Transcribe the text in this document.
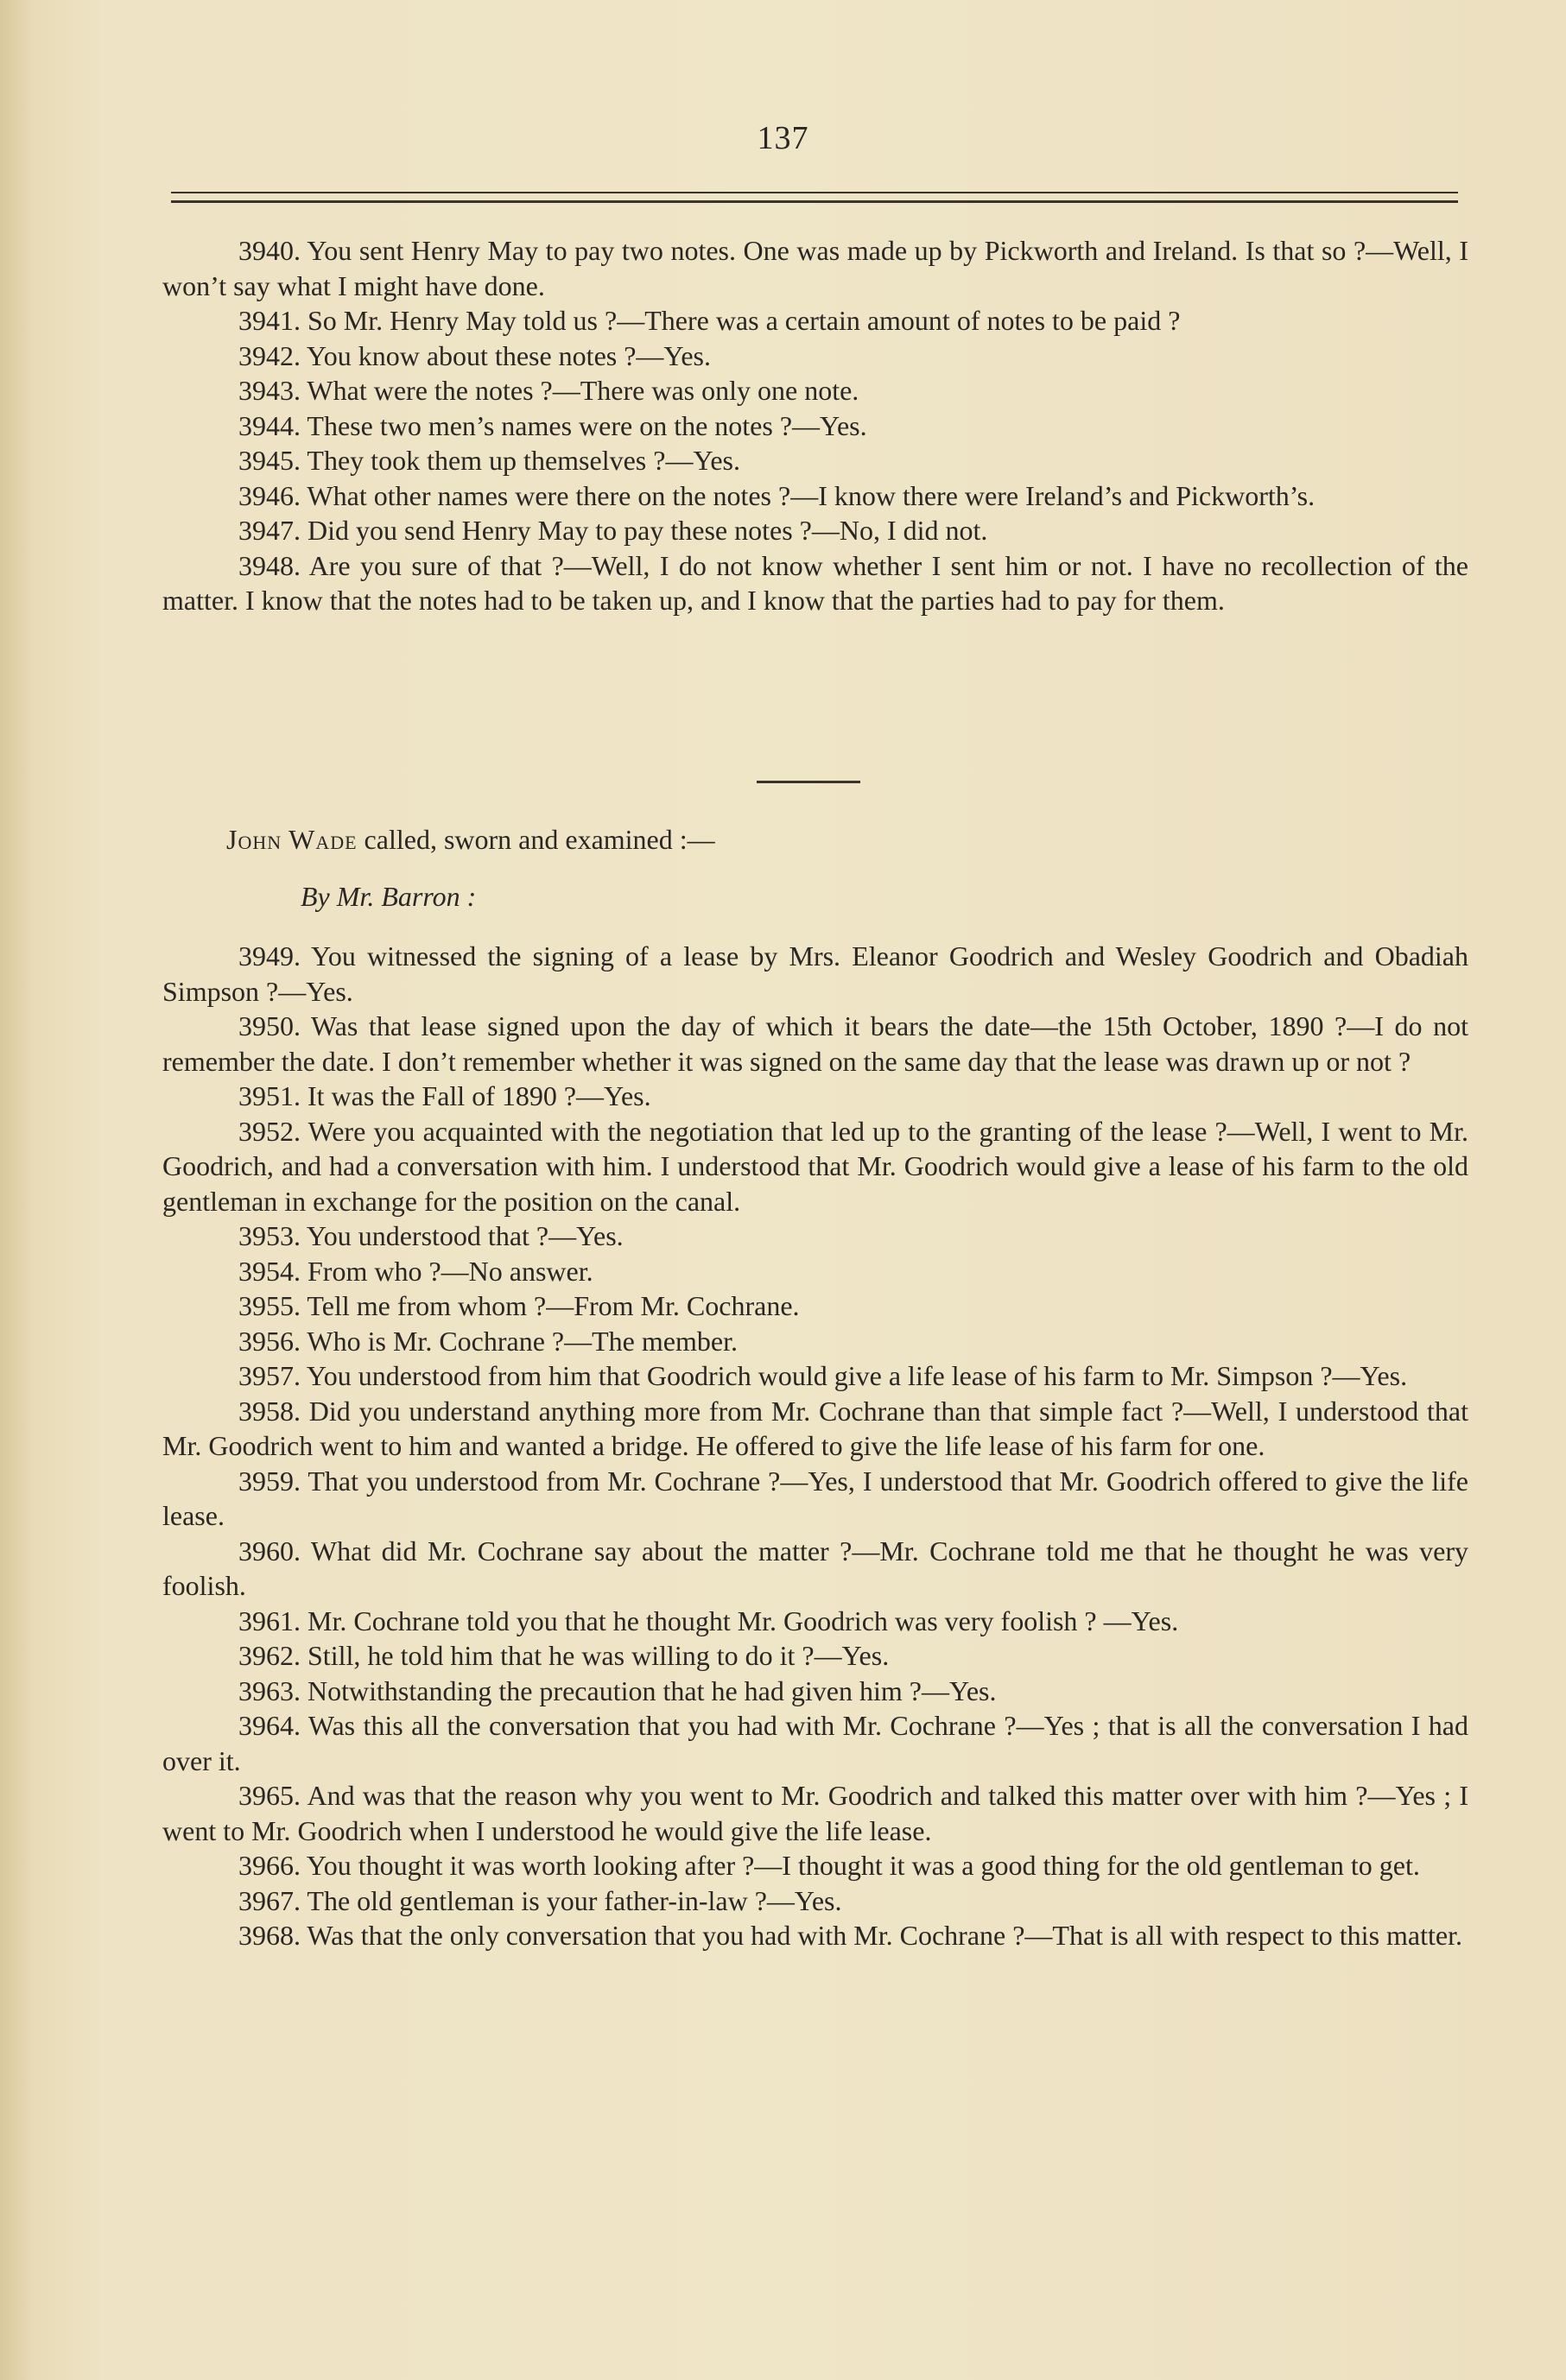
137

3940. You sent Henry May to pay two notes. One was made up by Pickworth and Ireland. Is that so ?—Well, I won’t say what I might have done.

3941. So Mr. Henry May told us ?—There was a certain amount of notes to be paid ?

3942. You know about these notes ?—Yes.

3943. What were the notes ?—There was only one note.

3944. These two men’s names were on the notes ?—Yes.

3945. They took them up themselves ?—Yes.

3946. What other names were there on the notes ?—I know there were Ireland’s and Pickworth’s.

3947. Did you send Henry May to pay these notes ?—No, I did not.

3948. Are you sure of that ?—Well, I do not know whether I sent him or not. I have no recollection of the matter. I know that the notes had to be taken up, and I know that the parties had to pay for them.

John Wade called, sworn and examined :—
By Mr. Barron :

3949. You witnessed the signing of a lease by Mrs. Eleanor Goodrich and Wesley Goodrich and Obadiah Simpson ?—Yes.

3950. Was that lease signed upon the day of which it bears the date—the 15th October, 1890 ?—I do not remember the date. I don’t remember whether it was signed on the same day that the lease was drawn up or not ?

3951. It was the Fall of 1890 ?—Yes.

3952. Were you acquainted with the negotiation that led up to the granting of the lease ?—Well, I went to Mr. Goodrich, and had a conversation with him. I understood that Mr. Goodrich would give a lease of his farm to the old gentleman in exchange for the position on the canal.

3953. You understood that ?—Yes.

3954. From who ?—No answer.

3955. Tell me from whom ?—From Mr. Cochrane.

3956. Who is Mr. Cochrane ?—The member.

3957. You understood from him that Goodrich would give a life lease of his farm to Mr. Simpson ?—Yes.

3958. Did you understand anything more from Mr. Cochrane than that simple fact ?—Well, I understood that Mr. Goodrich went to him and wanted a bridge. He offered to give the life lease of his farm for one.

3959. That you understood from Mr. Cochrane ?—Yes, I understood that Mr. Goodrich offered to give the life lease.

3960. What did Mr. Cochrane say about the matter ?—Mr. Cochrane told me that he thought he was very foolish.

3961. Mr. Cochrane told you that he thought Mr. Goodrich was very foolish ? —Yes.

3962. Still, he told him that he was willing to do it ?—Yes.

3963. Notwithstanding the precaution that he had given him ?—Yes.

3964. Was this all the conversation that you had with Mr. Cochrane ?—Yes ; that is all the conversation I had over it.

3965. And was that the reason why you went to Mr. Goodrich and talked this matter over with him ?—Yes ; I went to Mr. Goodrich when I understood he would give the life lease.

3966. You thought it was worth looking after ?—I thought it was a good thing for the old gentleman to get.

3967. The old gentleman is your father-in-law ?—Yes.

3968. Was that the only conversation that you had with Mr. Cochrane ?—That is all with respect to this matter.
